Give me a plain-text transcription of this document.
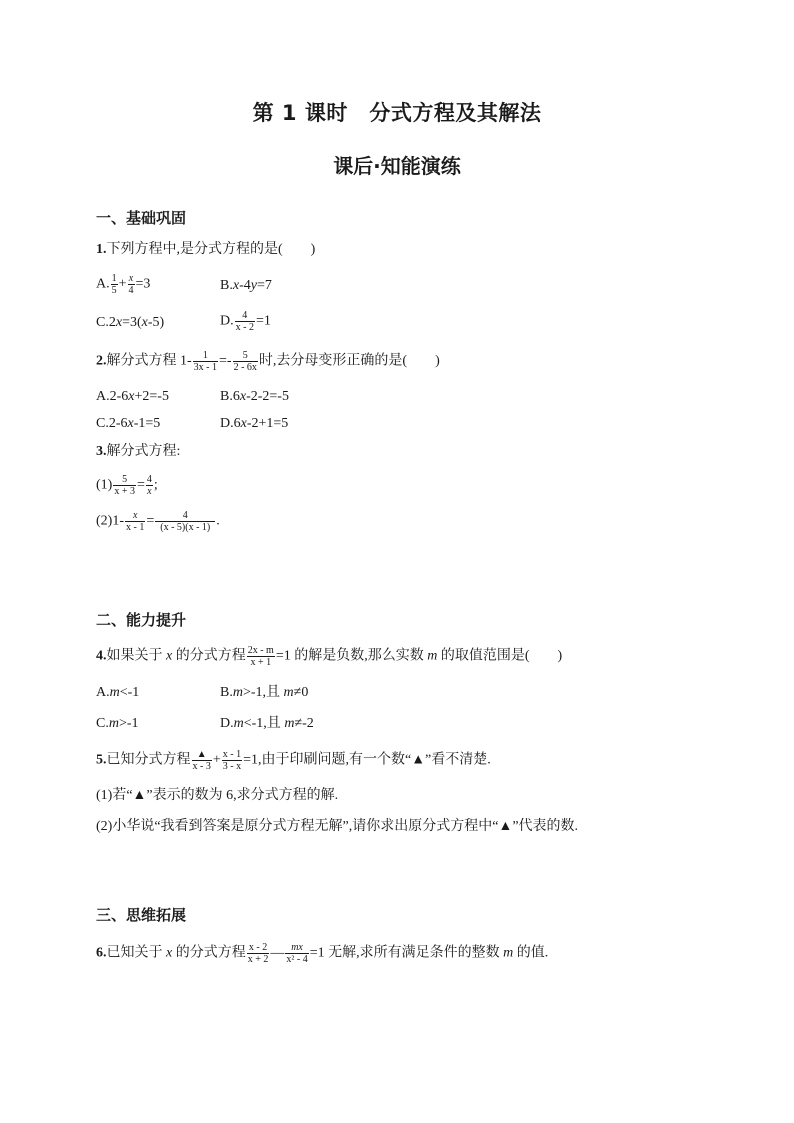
第 1 课时　分式方程及其解法
课后·知能演练
一、基础巩固
1.下列方程中,是分式方程的是(　　)
A. $\frac{1}{5} + \frac{x}{4} =3$	B.x-4y=7
C.2x=3(x-5)	D. $\frac{4}{x - 2} =1$
2.解分式方程 $1- \frac{1}{3x - 1} =- \frac{5}{2 - 6x}$ 时,去分母变形正确的是(　　)
A.2-6x+2=-5	B.6x-2-2=-5
C.2-6x-1=5	D.6x-2+1=5
3.解分式方程:
$(1) \frac{5}{x + 3} = \frac{4}{x}$ ;
$(2)1- \frac{x}{x - 1} = \frac{4}{(x - 5)(x - 1)}$ .
二、能力提升
4.如果关于 x 的分式方程 $\frac{2x - m}{x + 1} =1$ 的解是负数,那么实数 m 的取值范围是(　　)
A.m<-1	B.m>-1,且 m≠0
C.m>-1	D.m<-1,且 m≠-2
5.已知分式方程 $\frac{▲}{x - 3} + \frac{x - 1}{3 - x} =1$,由于印刷问题,有一个数“▲”看不清楚.
(1)若“▲”表示的数为 6,求分式方程的解.
(2)小华说“我看到答案是原分式方程无解”,请你求出原分式方程中“▲”代表的数.
三、思维拓展
6.已知关于 x 的分式方程 $\frac{x - 2}{x + 2}$ — $\frac{mx}{\text{x² - 4}} =1$ 无解,求所有满足条件的整数 m 的值.
